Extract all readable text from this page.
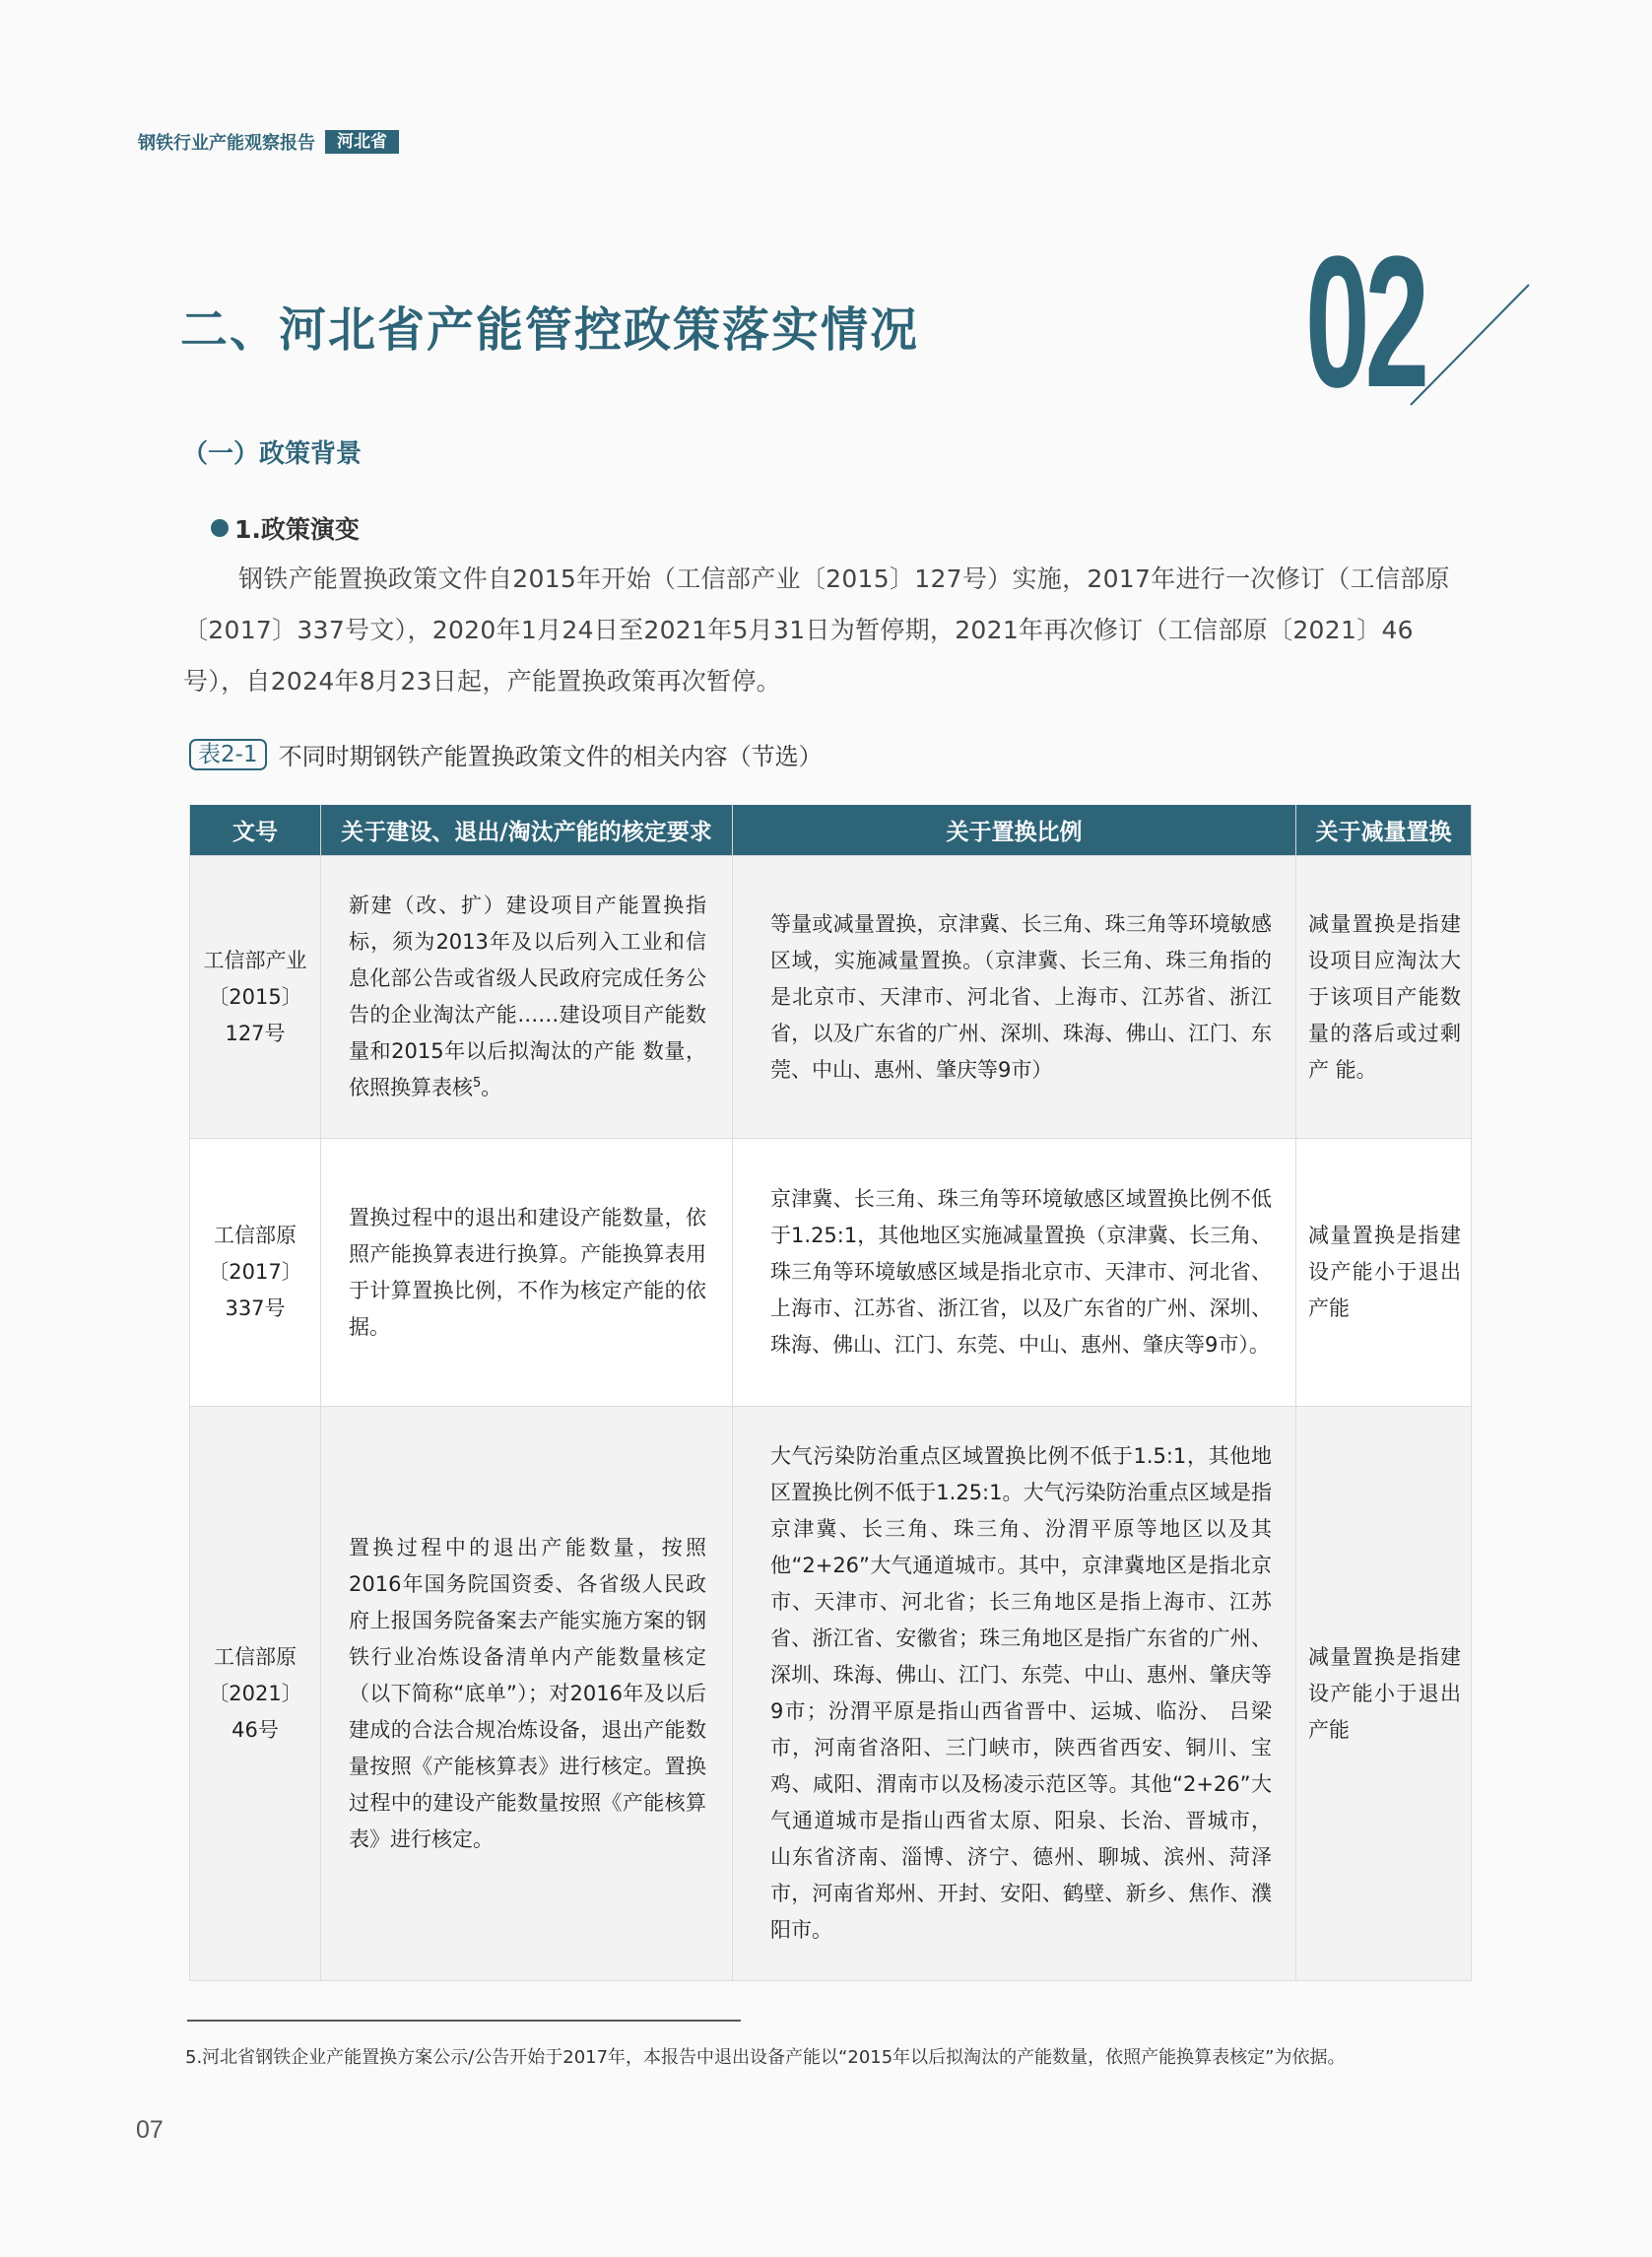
钢铁行业产能观察报告	河北省
二、河北省产能管控政策落实情况 02
（一）政策背景
1.政策演变

钢铁产能置换政策文件自2015年开始（工信部产业〔2015〕127号）实施，2017年进行一次修订（工信部原〔2017〕337号文），2020年1月24日至2021年5月31日为暂停期，2021年再次修订（工信部原〔2021〕46号），自2024年8月23日起，产能置换政策再次暂停。

表2-1 不同时期钢铁产能置换政策文件的相关内容（节选）
文号	关于建设、退出/淘汰产能的核定要求	关于置换比例	关于减量置换

工信部产业
〔2015〕
127号	新建（改、扩）建设项目产能置换指标，须为2013年及以后列入工业和信息化部公告或省级人民政府完成任务公告的企业淘汰产能……建设项目产能数量和2015年以后拟淘汰的产能 数量，依照换算表核$^5$。	等量或减量置换，京津冀、长三角、珠三角等环境敏感区域，实施减量置换。（京津冀、长三角、珠三角指的是北京市、天津市、河北省、上海市、江苏省、浙江省，以及广东省的广州、深圳、珠海、佛山、江门、东莞、中山、惠州、肇庆等9市）	减量置换是指建设项目应淘汰大于该项目产能数量的落后或过剩产 能。

工信部原
〔2017〕
337号	置换过程中的退出和建设产能数量，依照产能换算表进行换算。产能换算表用于计算置换比例，不作为核定产能的依据。	京津冀、长三角、珠三角等环境敏感区域置换比例不低于1.25:1，其他地区实施减量置换（京津冀、长三角、珠三角等环境敏感区域是指北京市、天津市、河北省、上海市、江苏省、浙江省，以及广东省的广州、深圳、珠海、佛山、江门、东莞、中山、惠州、肇庆等9市）。	减量置换是指建设产能小于退出产能

工信部原
〔2021〕
46号
	置换过程中的退出产能数量，按照2016年国务院国资委、各省级人民政府上报国务院备案去产能实施方案的钢铁行业冶炼设备清单内产能数量核定（以下简称“底单”）；对2016年及以后建成的合法合规冶炼设备，退出产能数量按照《产能核算表》进行核定。置换过程中的建设产能数量按照《产能核算表》进行核定。	大气污染防治重点区域置换比例不低于1.5:1，其他地区置换比例不低于1.25:1。大气污染防治重点区域是指京津冀、长三角、珠三角、汾渭平原等地区以及其他“2+26”大气通道城市。其中，京津冀地区是指北京市、天津市、河北省；长三角地区是指上海市、江苏省、浙江省、安徽省；珠三角地区是指广东省的广州、深圳、珠海、佛山、江门、东莞、中山、惠州、肇庆等9市；汾渭平原是指山西省晋中、运城、临汾、 吕梁市，河南省洛阳、三门峡市，陕西省西安、铜川、宝鸡、咸阳、渭南市以及杨凌示范区等。其他“2+26”大气通道城市是指山西省太原、阳泉、长治、晋城市， 山东省济南、淄博、济宁、德州、聊城、滨州、菏泽 市，河南省郑州、开封、安阳、鹤壁、新乡、焦作、濮阳市。	减量置换是指建设产能小于退出产能

5.河北省钢铁企业产能置换方案公示/公告开始于2017年，本报告中退出设备产能以“2015年以后拟淘汰的产能数量，依照产能换算表核定”为依据。

07
